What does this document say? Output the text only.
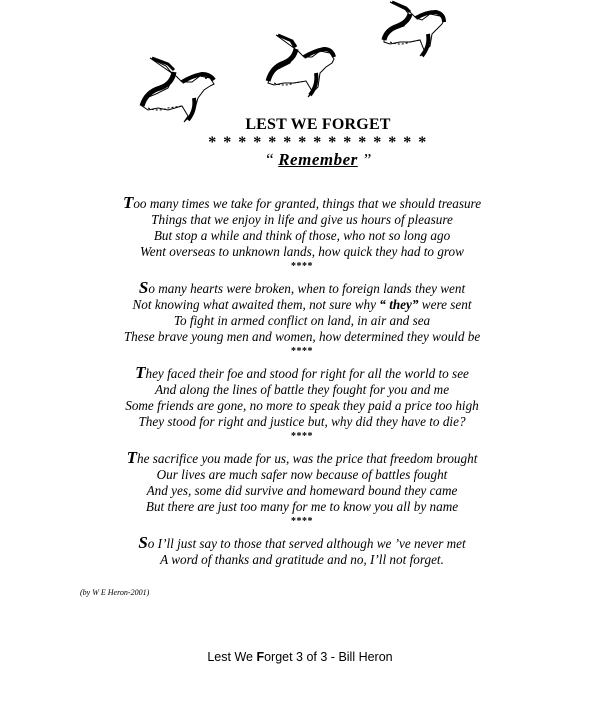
LEST WE FORGET
* * * * * * * * * * * * * * *
“ Remember ”
Too many times we take for granted, things that we should treasure
Things that we enjoy in life and give us hours of pleasure
But stop a while and think of those, who not so long ago
Went overseas to unknown lands, how quick they had to grow
****
So many hearts were broken, when to foreign lands they went
Not knowing what awaited them, not sure why “ they” were sent
To fight in armed conflict on land, in air and sea
These brave young men and women, how determined they would be
****
They faced their foe and stood for right for all the world to see
And along the lines of battle they fought for you and me
Some friends are gone, no more to speak they paid a price too high
They stood for right and justice but, why did they have to die?
****
The sacrifice you made for us, was the price that freedom brought
Our lives are much safer now because of battles fought
And yes, some did survive and homeward bound they came
But there are just too many for me to know you all by name
****
So I’ll just say to those that served although we ’ve never met
A word of thanks and gratitude and no, I’ll not forget.
(by W E Heron-2001)
Lest We Forget 3 of 3 - Bill Heron
